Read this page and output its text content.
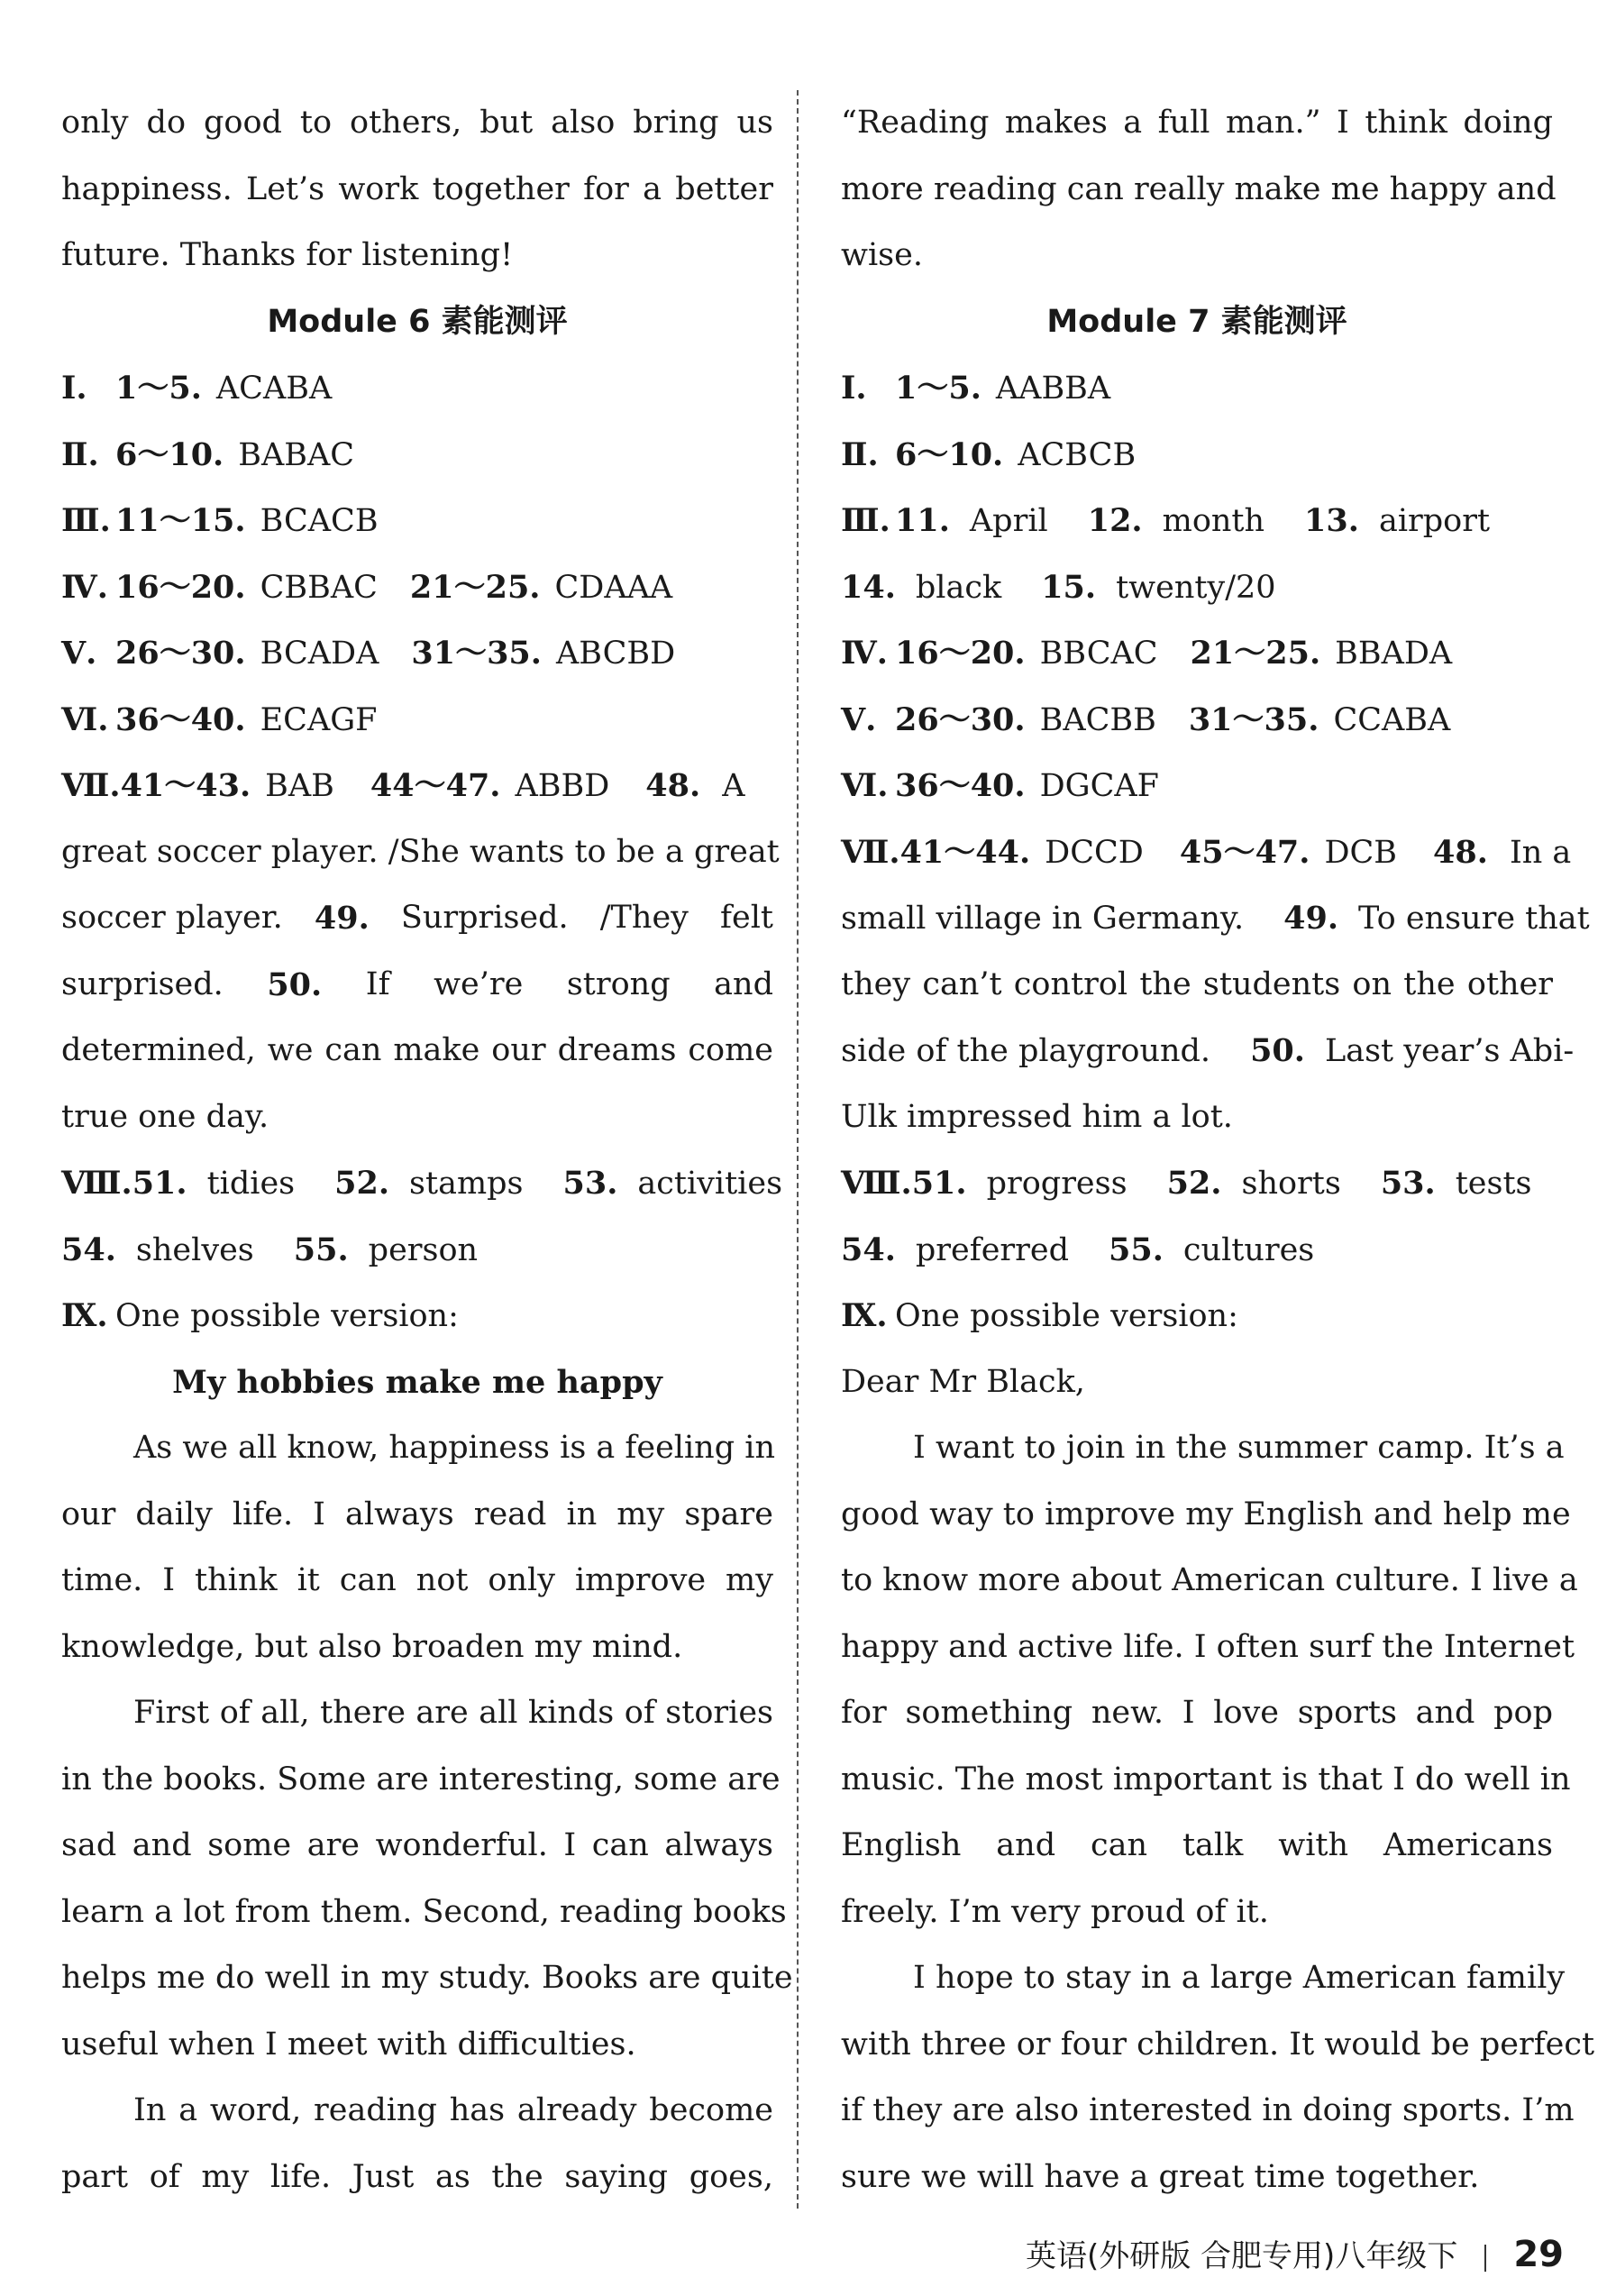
only do good to others, but also bring us
happiness. Let’s work together for a better
future. Thanks for listening!
Module 6 素能测评
Ⅰ. 1～5. ACABA
Ⅱ. 6～10. BABAC
Ⅲ. 11～15. BCACB
Ⅳ. 16～20. CBBAC 21～25. CDAAA
Ⅴ. 26～30. BCADA 31～35. ABCBD
Ⅵ. 36～40. ECAGF
Ⅶ.41～43. BAB 44～47. ABBD 48. A
great soccer player. /She wants to be a great
soccer player. 49. Surprised. /They felt
surprised. 50. If we’re strong and
determined, we can make our dreams come
true one day.
Ⅷ.51. tidies 52. stamps 53. activities
54. shelves 55. person
Ⅸ. One possible version:
My hobbies make me happy
As we all know, happiness is a feeling in
our daily life. I always read in my spare
time. I think it can not only improve my
knowledge, but also broaden my mind.
First of all, there are all kinds of stories
in the books. Some are interesting, some are
sad and some are wonderful. I can always
learn a lot from them. Second, reading books
helps me do well in my study. Books are quite
useful when I meet with difficulties.
In a word, reading has already become
part of my life. Just as the saying goes,
“Reading makes a full man.” I think doing
more reading can really make me happy and
wise.
Module 7 素能测评
Ⅰ. 1～5. AABBA
Ⅱ. 6～10. ACBCB
Ⅲ. 11. April 12. month 13. airport
14. black 15. twenty/20
Ⅳ. 16～20. BBCAC 21～25. BBADA
Ⅴ. 26～30. BACBB 31～35. CCABA
Ⅵ. 36～40. DGCAF
Ⅶ.41～44. DCCD 45～47. DCB 48. In a
small village in Germany. 49. To ensure that
they can’t control the students on the other
side of the playground. 50. Last year’s Abi-
Ulk impressed him a lot.
Ⅷ.51. progress 52. shorts 53. tests
54. preferred 55. cultures
Ⅸ. One possible version:
Dear Mr Black,
I want to join in the summer camp. It’s a
good way to improve my English and help me
to know more about American culture. I live a
happy and active life. I often surf the Internet
for something new. I love sports and pop
music. The most important is that I do well in
English and can talk with Americans
freely. I’m very proud of it.
I hope to stay in a large American family
with three or four children. It would be perfect
if they are also interested in doing sports. I’m
sure we will have a great time together.
英语(外研版 合肥专用)八年级下 29
